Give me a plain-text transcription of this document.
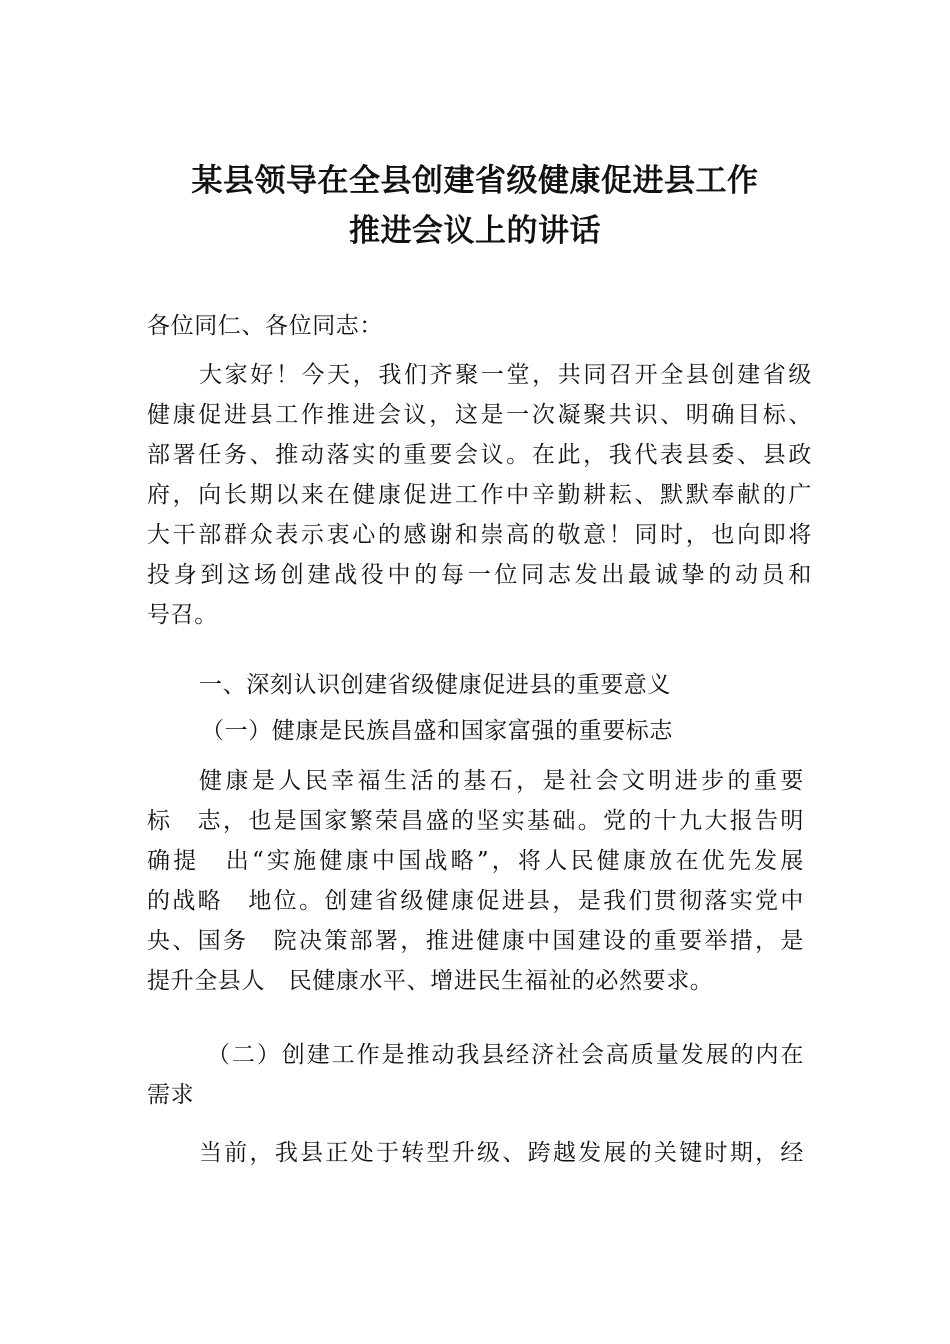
某县领导在全县创建省级健康促进县工作
推进会议上的讲话
各位同仁、各位同志：
大家好！今天，我们齐聚一堂，共同召开全县创建省级
健康促进县工作推进会议，这是一次凝聚共识、明确目标、
部署任务、推动落实的重要会议。在此，我代表县委、县政
府，向长期以来在健康促进工作中辛勤耕耘、默默奉献的广
大干部群众表示衷心的感谢和崇高的敬意！同时，也向即将
投身到这场创建战役中的每一位同志发出最诚挚的动员和
号召。
一、深刻认识创建省级健康促进县的重要意义
（一）健康是民族昌盛和国家富强的重要标志
健康是人民幸福生活的基石，是社会文明进步的重要
标　志，也是国家繁荣昌盛的坚实基础。党的十九大报告明
确提　出“实施健康中国战略”，将人民健康放在优先发展
的战略　地位。创建省级健康促进县，是我们贯彻落实党中
央、国务　院决策部署，推进健康中国建设的重要举措，是
提升全县人　民健康水平、增进民生福祉的必然要求。
（二）创建工作是推动我县经济社会高质量发展的内在
需求
当前，我县正处于转型升级、跨越发展的关键时期，经
